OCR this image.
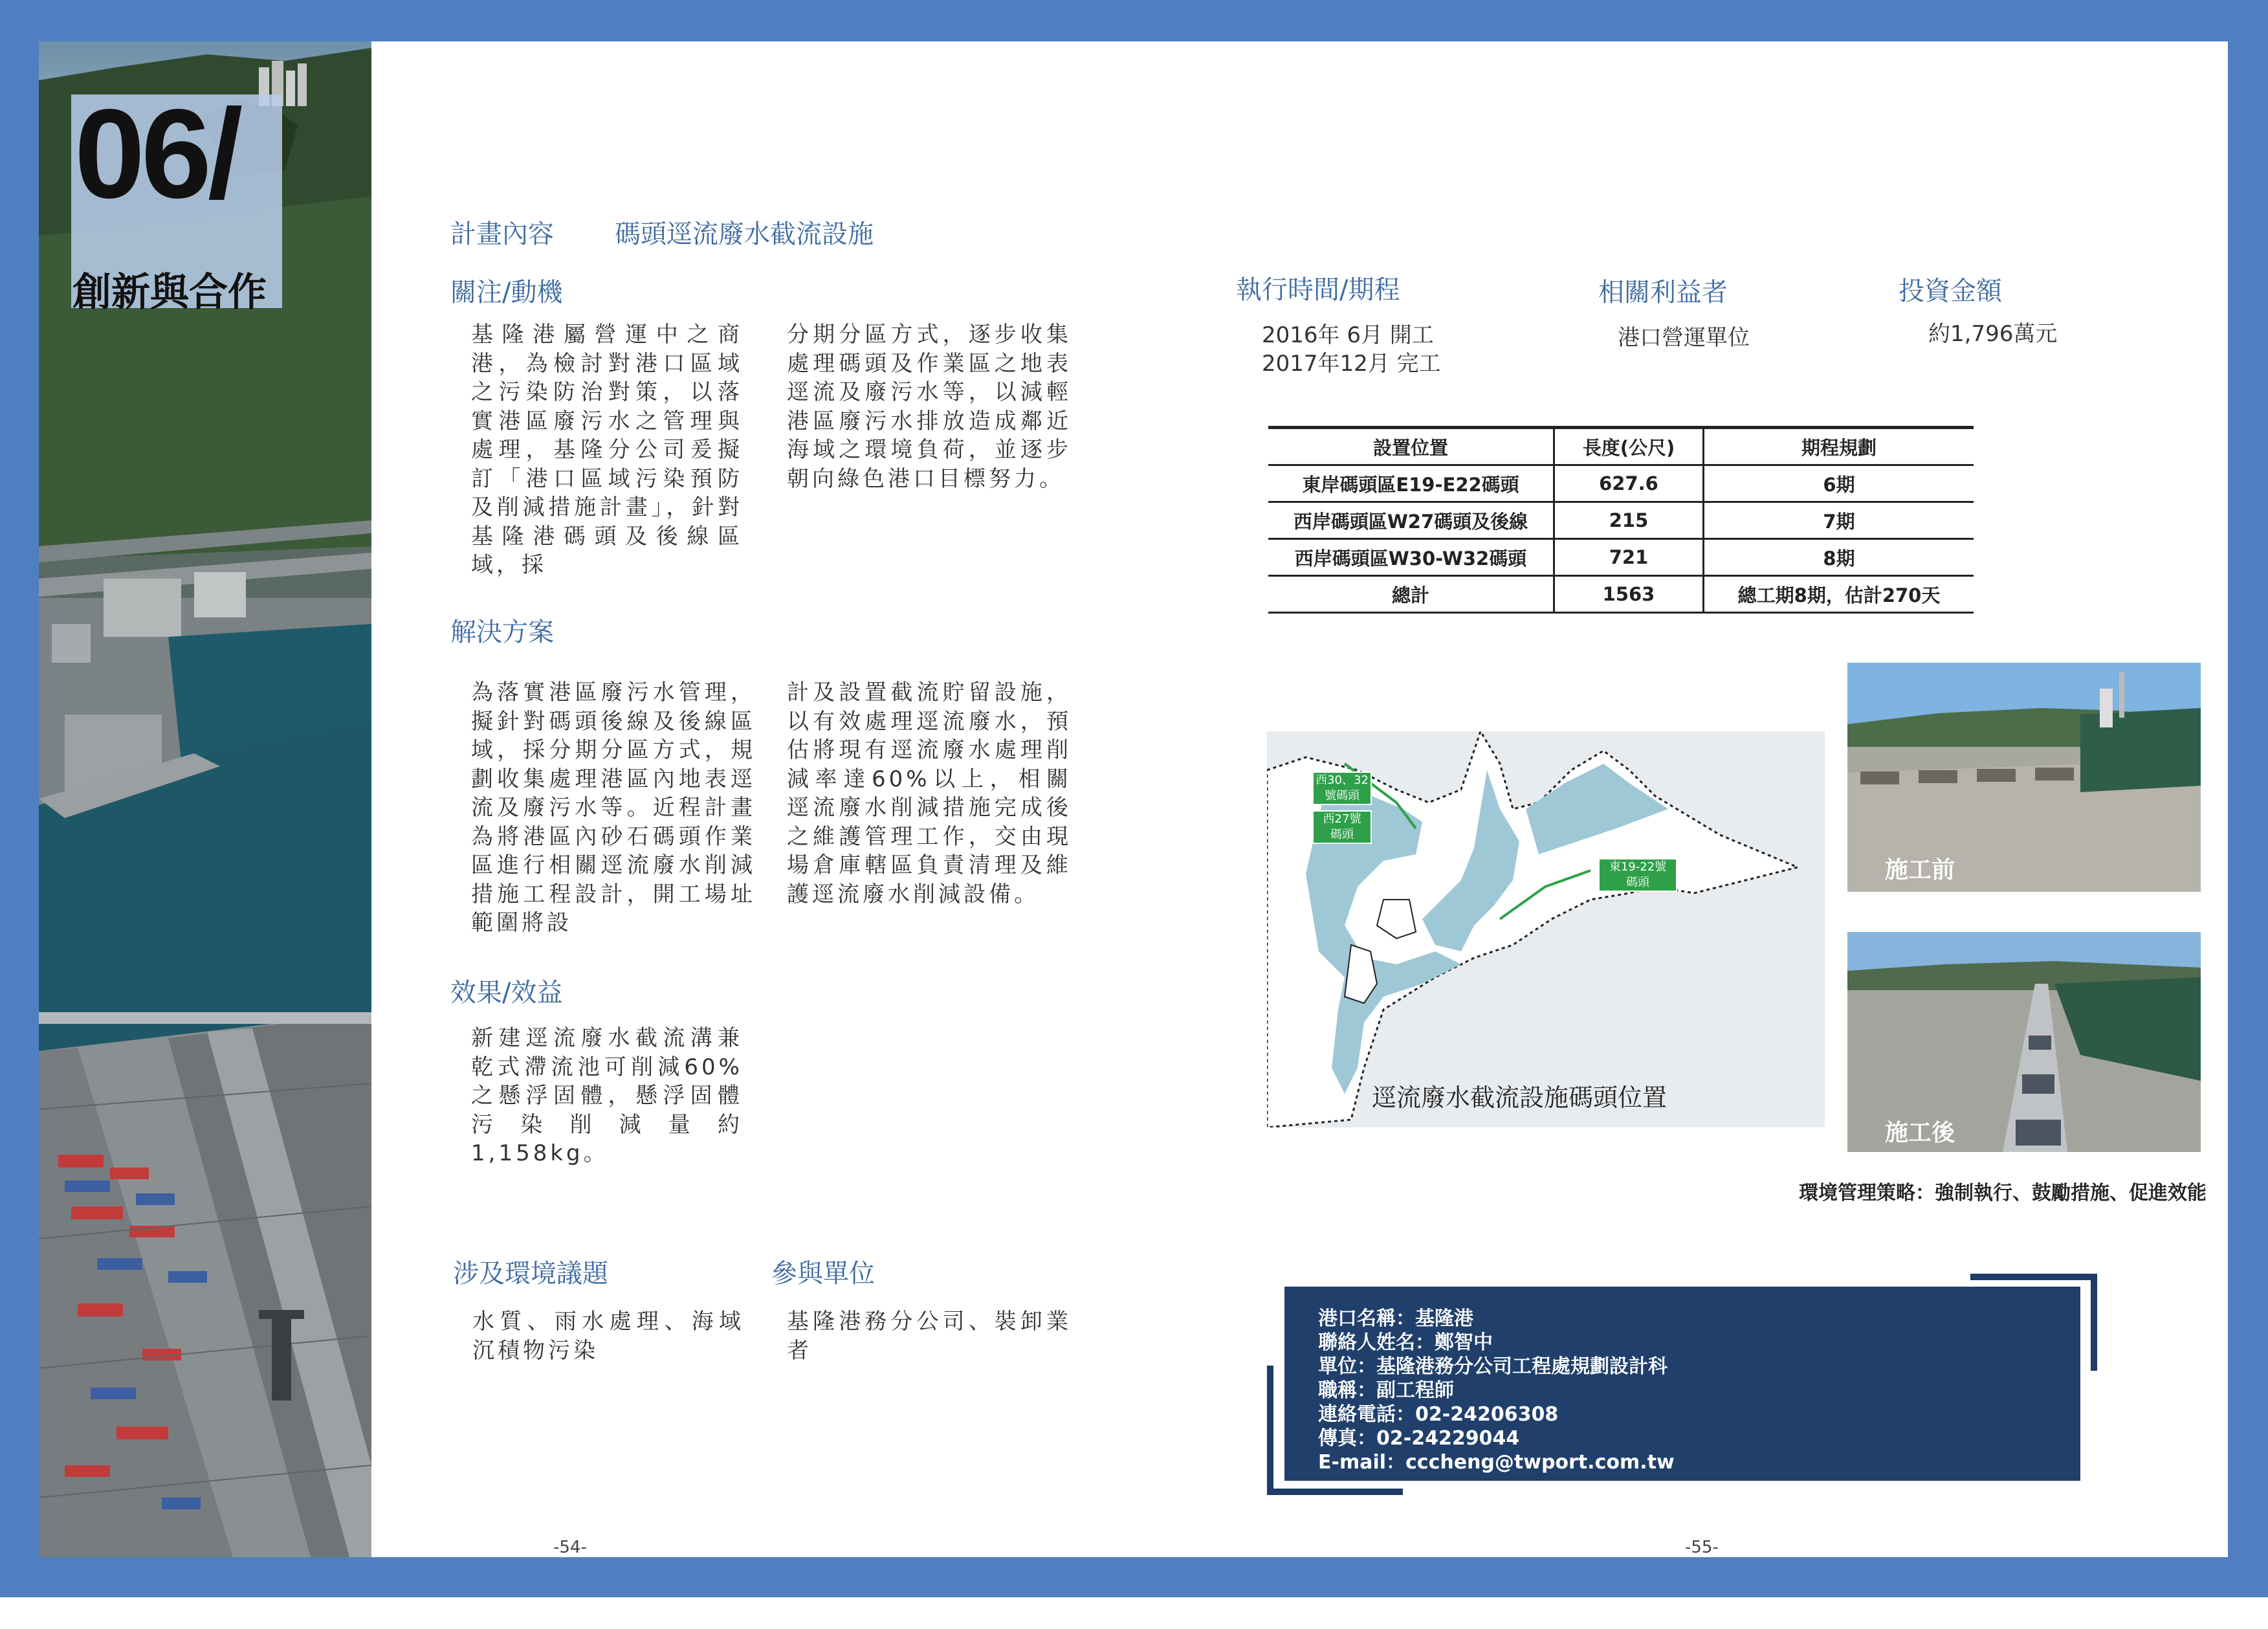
06/
創新與合作
計畫內容 碼頭逕流廢水截流設施
關注/動機
基隆港屬營運中之商港，為檢討對港口區域之污染防治對策，以落實港區廢污水之管理與處理，基隆分公司爰擬訂「港口區域污染預防及削減措施計畫」，針對基隆港碼頭及後線區域，採
分期分區方式，逐步收集處理碼頭及作業區之地表逕流及廢污水等，以減輕港區廢污水排放造成鄰近海域之環境負荷，並逐步朝向綠色港口目標努力。
解決方案
為落實港區廢污水管理，擬針對碼頭後線及後線區域，採分期分區方式，規劃收集處理港區內地表逕流及廢污水等。近程計畫為將港區內砂石碼頭作業區進行相關逕流廢水削減措施工程設計，開工場址範圍將設
計及設置截流貯留設施，以有效處理逕流廢水，預估將現有逕流廢水處理削減率達60%以上，相關逕流廢水削減措施完成後之維護管理工作，交由現場倉庫轄區負責清理及維護逕流廢水削減設備。
效果/效益
新建逕流廢水截流溝兼乾式滯流池可削減60%之懸浮固體，懸浮固體污染削減量約 1,158kg。
涉及環境議題
水質、雨水處理、海域沉積物污染
參與單位
基隆港務分公司、裝卸業者
-54-
執行時間/期程
2016年 6月 開工
2017年12月 完工
相關利益者
港口營運單位
投資金額
約1,796萬元
設置位置	長度(公尺)	期程規劃
東岸碼頭區E19-E22碼頭	627.6	6期
西岸碼頭區W27碼頭及後線	215	7期
西岸碼頭區W30-W32碼頭	721	8期
總計	1563	總工期8期，估計270天
西30、32
號碼頭
西27號
碼頭
東19-22號
碼頭
逕流廢水截流設施碼頭位置
施工前
施工後
環境管理策略：強制執行、鼓勵措施、促進效能
港口名稱：基隆港
聯絡人姓名：鄭智中
單位：基隆港務分公司工程處規劃設計科
職稱：副工程師
連絡電話：02-24206308
傳真：02-24229044
E-mail：cccheng@twport.com.tw
-55-
